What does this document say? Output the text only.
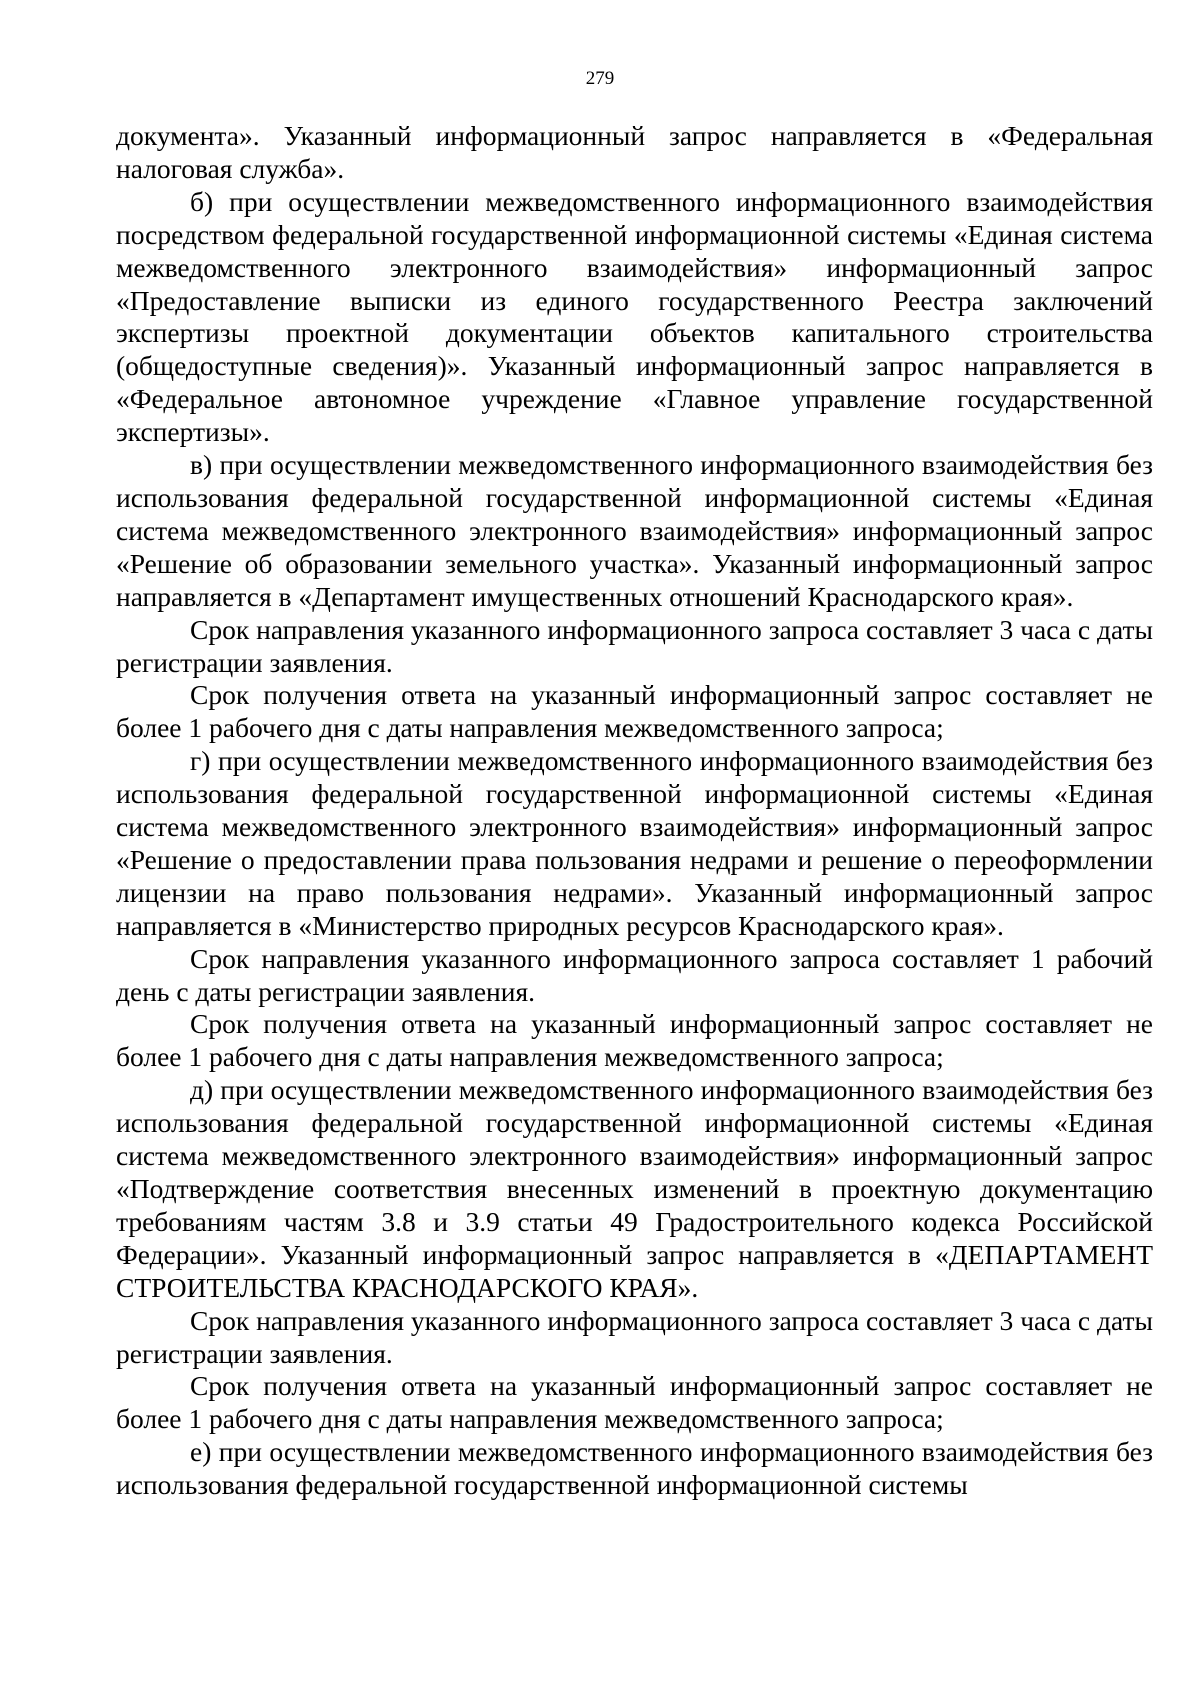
279

документа». Указанный информационный запрос направляется в «Федеральная налоговая служба».

б) при осуществлении межведомственного информационного взаимодействия посредством федеральной государственной информационной системы «Единая система межведомственного электронного взаимодействия» информационный запрос «Предоставление выписки из единого государственного Реестра заключений экспертизы проектной документации объектов капитального строительства (общедоступные сведения)». Указанный информационный запрос направляется в «Федеральное автономное учреждение «Главное управление государственной экспертизы».

в) при осуществлении межведомственного информационного взаимодействия без использования федеральной государственной информационной системы «Единая система межведомственного электронного взаимодействия» информационный запрос «Решение об образовании земельного участка». Указанный информационный запрос направляется в «Департамент имущественных отношений Краснодарского края».

Срок направления указанного информационного запроса составляет 3 часа с даты регистрации заявления.

Срок получения ответа на указанный информационный запрос составляет не более 1 рабочего дня с даты направления межведомственного запроса;

г) при осуществлении межведомственного информационного взаимодействия без использования федеральной государственной информационной системы «Единая система межведомственного электронного взаимодействия» информационный запрос «Решение о предоставлении права пользования недрами и решение о переоформлении лицензии на право пользования недрами». Указанный информационный запрос направляется в «Министерство природных ресурсов Краснодарского края».

Срок направления указанного информационного запроса составляет 1 рабочий день с даты регистрации заявления.

Срок получения ответа на указанный информационный запрос составляет не более 1 рабочего дня с даты направления межведомственного запроса;

д) при осуществлении межведомственного информационного взаимодействия без использования федеральной государственной информационной системы «Единая система межведомственного электронного взаимодействия» информационный запрос «Подтверждение соответствия внесенных изменений в проектную документацию требованиям частям 3.8 и 3.9 статьи 49 Градостроительного кодекса Российской Федерации». Указанный информационный запрос направляется в «ДЕПАРТАМЕНТ СТРОИТЕЛЬСТВА КРАСНОДАРСКОГО КРАЯ».

Срок направления указанного информационного запроса составляет 3 часа с даты регистрации заявления.

Срок получения ответа на указанный информационный запрос составляет не более 1 рабочего дня с даты направления межведомственного запроса;

е) при осуществлении межведомственного информационного взаимодействия без использования федеральной государственной информационной системы
